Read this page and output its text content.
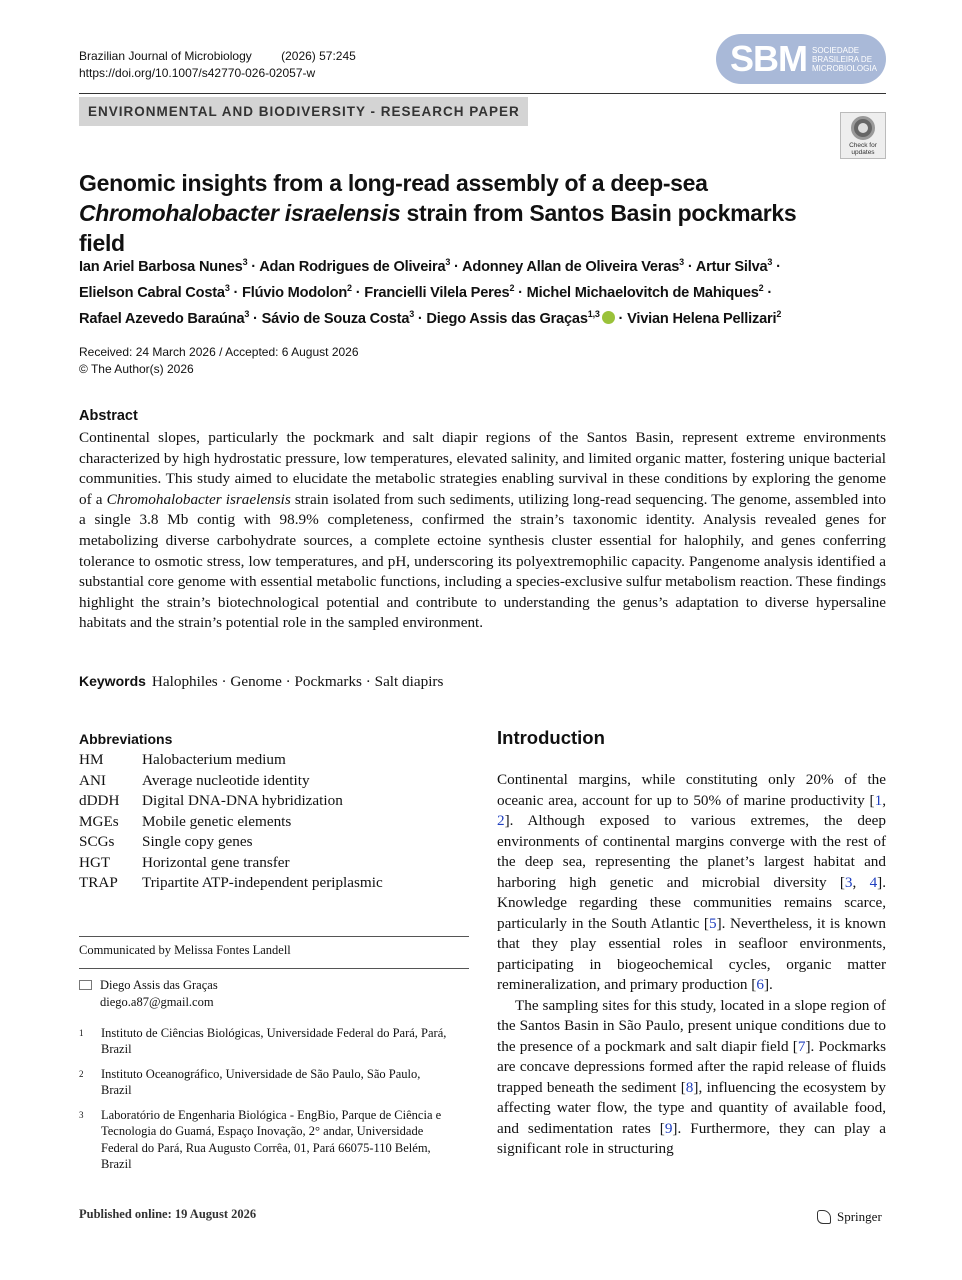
Brazilian Journal of Microbiology (2026) 57:245
https://doi.org/10.1007/s42770-026-02057-w	SBM SOCIEDADE
BRASILEIRA DE
MICROBIOLOGIA
ENVIRONMENTAL AND BIODIVERSITY - RESEARCH PAPER
Check for
updates
Genomic insights from a long-read assembly of a deep-sea
Chromohalobacter israelensis strain from Santos Basin pockmarks field
Ian Ariel Barbosa Nunes$^3$ · Adan Rodrigues de Oliveira$^3$ · Adonney Allan de Oliveira Veras$^3$ · Artur Silva$^3$ ·
Elielson Cabral Costa$^3$ · Flúvio Modolon$^2$ · Francielli Vilela Peres$^2$ · Michel Michaelovitch de Mahiques$^2$ ·
Rafael Azevedo Baraúna$^3$ · Sávio de Souza Costa$^3$ · Diego Assis das Graças$^{1,3}$ · Vivian Helena Pellizari$^2$
Received: 24 March 2026 / Accepted: 6 August 2026
© The Author(s) 2026
Abstract
Continental slopes, particularly the pockmark and salt diapir regions of the Santos Basin, represent extreme environments characterized by high hydrostatic pressure, low temperatures, elevated salinity, and limited organic matter, fostering unique bacterial communities. This study aimed to elucidate the metabolic strategies enabling survival in these conditions by exploring the genome of a Chromohalobacter israelensis strain isolated from such sediments, utilizing long-read sequencing. The genome, assembled into a single 3.8 Mb contig with 98.9% completeness, confirmed the strain’s taxonomic identity. Analysis revealed genes for metabolizing diverse carbohydrate sources, a complete ectoine synthesis cluster essential for halophily, and genes conferring tolerance to osmotic stress, low temperatures, and pH, underscoring its polyextremophilic capacity. Pangenome analysis identified a substantial core genome with essential metabolic functions, including a species-exclusive sulfur metabolism reaction. These findings highlight the strain’s biotechnological potential and contribute to understanding the genus’s adaptation to diverse hypersaline habitats and the strain’s potential role in the sampled environment.
Keywords Halophiles · Genome · Pockmarks · Salt diapirs
Abbreviations
HM	Halobacterium medium
ANI	Average nucleotide identity
dDDH	Digital DNA-DNA hybridization
MGEs	Mobile genetic elements
SCGs	Single copy genes
HGT	Horizontal gene transfer
TRAP	Tripartite ATP-independent periplasmic
Communicated by Melissa Fontes Landell
Diego Assis das Graças
diego.a87@gmail.com
1	Instituto de Ciências Biológicas, Universidade Federal do Pará, Pará, Brazil
2	Instituto Oceanográfico, Universidade de São Paulo, São Paulo, Brazil
3	Laboratório de Engenharia Biológica - EngBio, Parque de Ciência e Tecnologia do Guamá, Espaço Inovação, 2° andar, Universidade Federal do Pará, Rua Augusto Corrêa, 01, Pará 66075-110 Belém, Brazil
Introduction

Continental margins, while constituting only 20% of the oceanic area, account for up to 50% of marine productivity [1, 2]. Although exposed to various extremes, the deep environments of continental margins converge with the rest of the deep sea, representing the planet’s largest habitat and harboring high genetic and microbial diversity [3, 4]. Knowledge regarding these communities remains scarce, particularly in the South Atlantic [5]. Nevertheless, it is known that they play essential roles in seafloor environments, participating in biogeochemical cycles, organic matter remineralization, and primary production [6].

The sampling sites for this study, located in a slope region of the Santos Basin in São Paulo, present unique conditions due to the presence of a pockmark and salt diapir field [7]. Pockmarks are concave depressions formed after the rapid release of fluids trapped beneath the sediment [8], influencing the ecosystem by affecting water flow, the type and quantity of available food, and sedimentation rates [9]. Furthermore, they can play a significant role in structuring

Published online: 19 August 2026	Springer
